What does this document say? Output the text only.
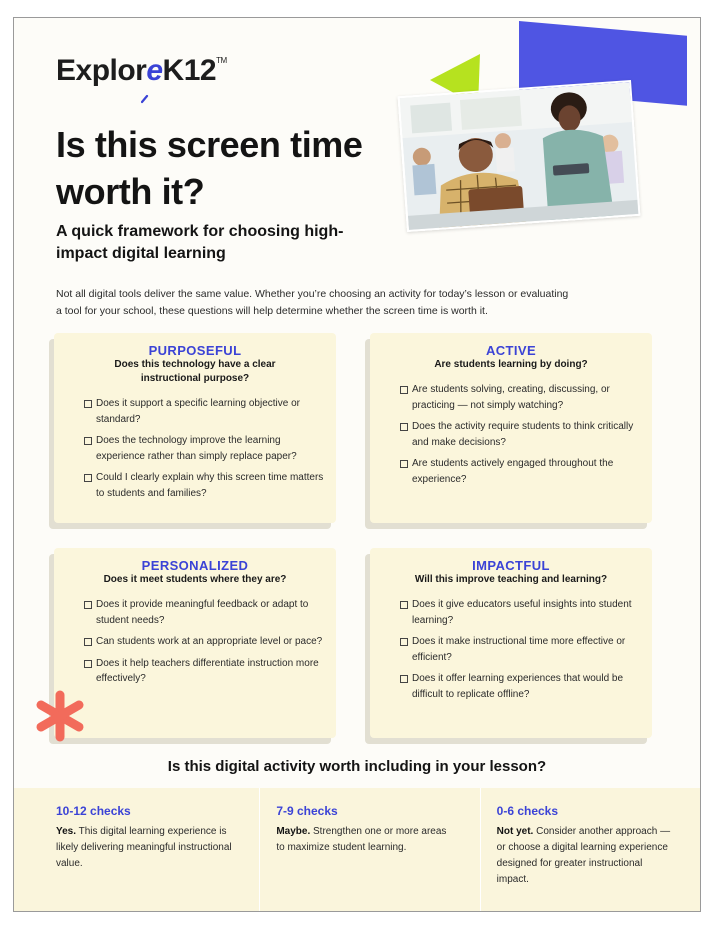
ExploreK12™
Is this screen time worth it?
A quick framework for choosing high-impact digital learning

Not all digital tools deliver the same value. Whether you’re choosing an activity for today’s lesson or evaluating a tool for your school, these questions will help determine whether the screen time is worth it.

PURPOSEFUL
Does this technology have a clear instructional purpose?
Does it support a specific learning objective or standard?
Does the technology improve the learning experience rather than simply replace paper?
Could I clearly explain why this screen time matters to students and families?
ACTIVE
Are students learning by doing?
Are students solving, creating, discussing, or practicing — not simply watching?
Does the activity require students to think critically and make decisions?
Are students actively engaged throughout the experience?
PERSONALIZED
Does it meet students where they are?
Does it provide meaningful feedback or adapt to student needs?
Can students work at an appropriate level or pace?
Does it help teachers differentiate instruction more effectively?
IMPACTFUL
Will this improve teaching and learning?
Does it give educators useful insights into student learning?
Does it make instructional time more effective or efficient?
Does it offer learning experiences that would be difficult to replicate offline?
Is this digital activity worth including in your lesson?
10-12 checks
Yes. This digital learning experience is likely delivering meaningful instructional value.
7-9 checks
Maybe. Strengthen one or more areas to maximize student learning.
0-6 checks
Not yet. Consider another approach — or choose a digital learning experience designed for greater instructional impact.
